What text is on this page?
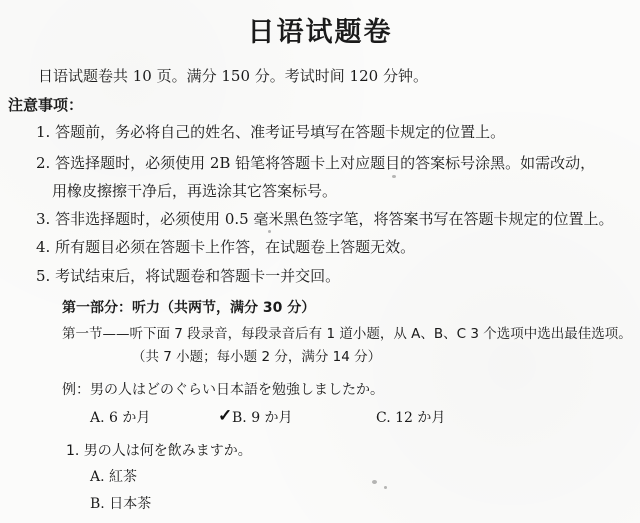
日语试题卷
日语试题卷共 10 页。满分 150 分。考试时间 120 分钟。
注意事项：
1. 答题前，务必将自己的姓名、准考证号填写在答题卡规定的位置上。
2. 答选择题时，必须使用 2B 铅笔将答题卡上对应题目的答案标号涂黑。如需改动，
用橡皮擦擦干净后，再选涂其它答案标号。
3. 答非选择题时，必须使用 0.5 毫米黑色签字笔，将答案书写在答题卡规定的位置上。
4. 所有题目必须在答题卡上作答，在试题卷上答题无效。
5. 考试结束后，将试题卷和答题卡一并交回。
第一部分：听力（共两节，满分 30 分）
第一节——听下面 7 段录音，每段录音后有 1 道小题，从 A、B、C 3 个选项中选出最佳选项。
（共 7 小题；每小题 2 分，满分 14 分）
例：男の人はどのぐらい日本語を勉強しましたか。
A. 6 か月	✓ B. 9 か月	C. 12 か月
1. 男の人は何を飲みますか。
A. 紅茶
B. 日本茶
